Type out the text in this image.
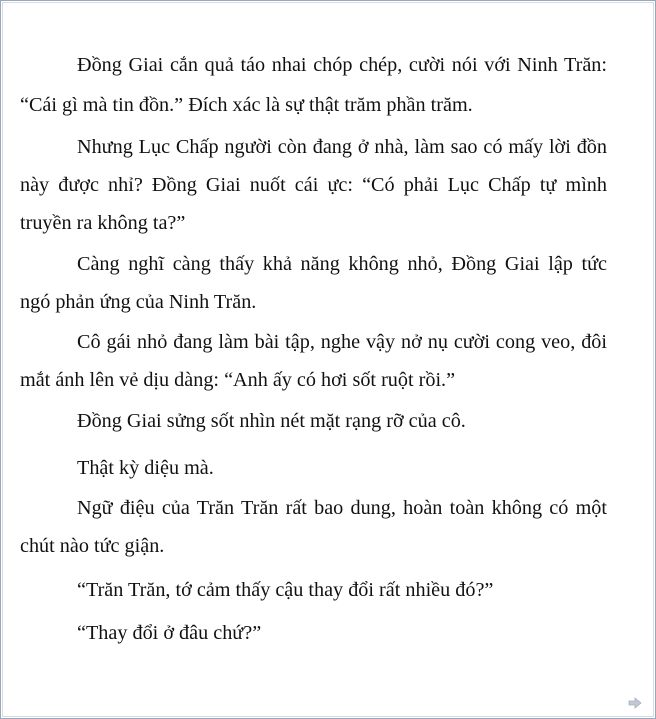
Đồng Giai cắn quả táo nhai chóp chép, cười nói với Ninh Trăn:
“Cái gì mà tin đồn.” Đích xác là sự thật trăm phần trăm.
Nhưng Lục Chấp người còn đang ở nhà, làm sao có mấy lời đồn
này được nhỉ? Đồng Giai nuốt cái ực: “Có phải Lục Chấp tự mình
truyền ra không ta?”
Càng nghĩ càng thấy khả năng không nhỏ, Đồng Giai lập tức
ngó phản ứng của Ninh Trăn.
Cô gái nhỏ đang làm bài tập, nghe vậy nở nụ cười cong veo, đôi
mắt ánh lên vẻ dịu dàng: “Anh ấy có hơi sốt ruột rồi.”
Đồng Giai sửng sốt nhìn nét mặt rạng rỡ của cô.
Thật kỳ diệu mà.
Ngữ điệu của Trăn Trăn rất bao dung, hoàn toàn không có một
chút nào tức giận.
“Trăn Trăn, tớ cảm thấy cậu thay đổi rất nhiều đó?”
“Thay đổi ở đâu chứ?”
